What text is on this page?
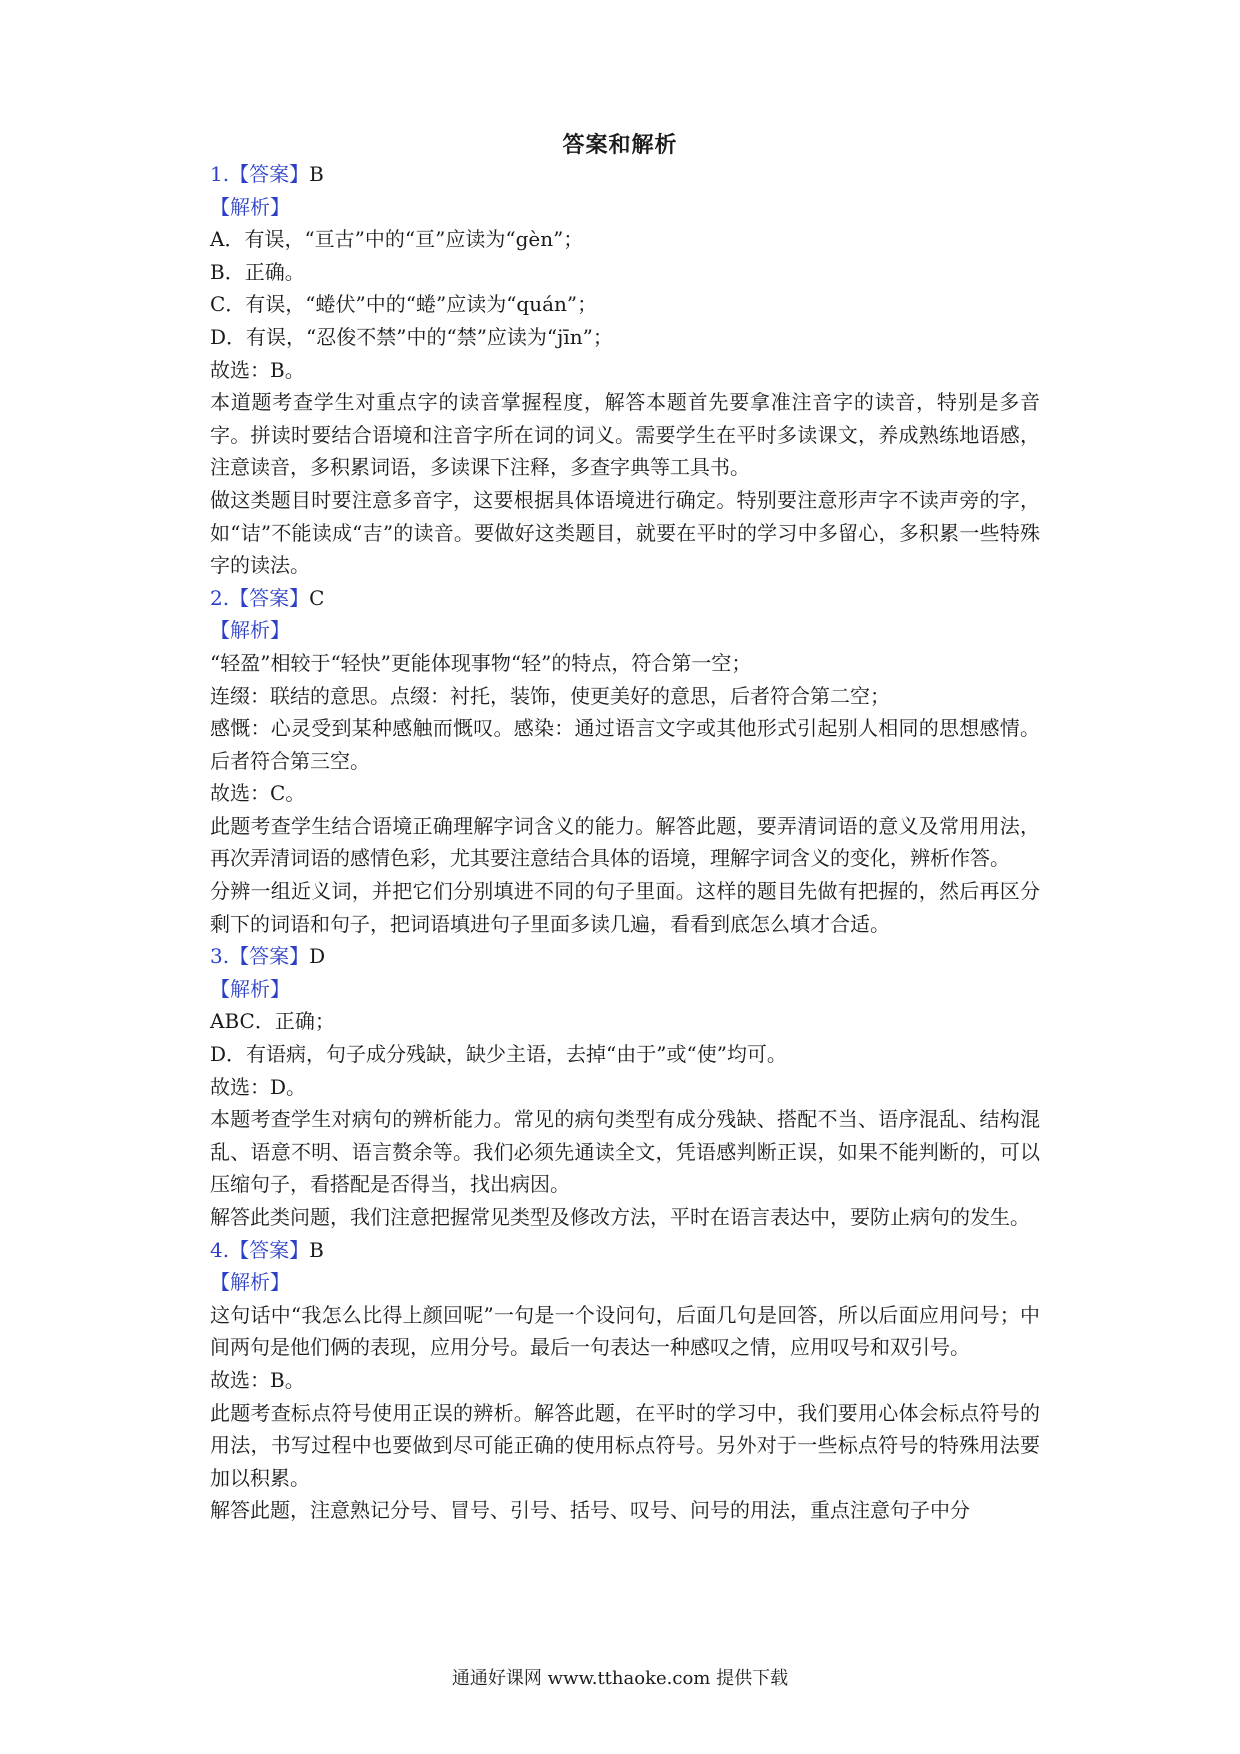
答案和解析

1.【答案】B

【解析】

A．有误，“亘古”中的“亘”应读为“gèn”；

B．正确。

C．有误，“蜷伏”中的“蜷”应读为“quán”；

D．有误，“忍俊不禁”中的“禁”应读为“jīn”；

故选：B。

本道题考查学生对重点字的读音掌握程度，解答本题首先要拿准注音字的读音，特别是多音字。拼读时要结合语境和注音字所在词的词义。需要学生在平时多读课文，养成熟练地语感，注意读音，多积累词语，多读课下注释，多查字典等工具书。

做这类题目时要注意多音字，这要根据具体语境进行确定。特别要注意形声字不读声旁的字，如“诘”不能读成“吉”的读音。要做好这类题目，就要在平时的学习中多留心，多积累一些特殊字的读法。

2.【答案】C

【解析】

“轻盈”相较于“轻快”更能体现事物“轻”的特点，符合第一空；

连缀：联结的意思。点缀：衬托，装饰，使更美好的意思，后者符合第二空；

感慨：心灵受到某种感触而慨叹。感染：通过语言文字或其他形式引起别人相同的思想感情。后者符合第三空。

故选：C。

此题考查学生结合语境正确理解字词含义的能力。解答此题，要弄清词语的意义及常用用法，再次弄清词语的感情色彩，尤其要注意结合具体的语境，理解字词含义的变化，辨析作答。

分辨一组近义词，并把它们分别填进不同的句子里面。这样的题目先做有把握的，然后再区分剩下的词语和句子，把词语填进句子里面多读几遍，看看到底怎么填才合适。

3.【答案】D

【解析】

ABC．正确；

D．有语病，句子成分残缺，缺少主语，去掉“由于”或“使”均可。

故选：D。

本题考查学生对病句的辨析能力。常见的病句类型有成分残缺、搭配不当、语序混乱、结构混乱、语意不明、语言赘余等。我们必须先通读全文，凭语感判断正误，如果不能判断的，可以压缩句子，看搭配是否得当，找出病因。

解答此类问题，我们注意把握常见类型及修改方法，平时在语言表达中，要防止病句的发生。

4.【答案】B

【解析】

这句话中“我怎么比得上颜回呢”一句是一个设问句，后面几句是回答，所以后面应用问号；中间两句是他们俩的表现，应用分号。最后一句表达一种感叹之情，应用叹号和双引号。

故选：B。

此题考查标点符号使用正误的辨析。解答此题，在平时的学习中，我们要用心体会标点符号的用法，书写过程中也要做到尽可能正确的使用标点符号。另外对于一些标点符号的特殊用法要加以积累。

解答此题，注意熟记分号、冒号、引号、括号、叹号、问号的用法，重点注意句子中分

通通好课网 www.tthaoke.com 提供下载
